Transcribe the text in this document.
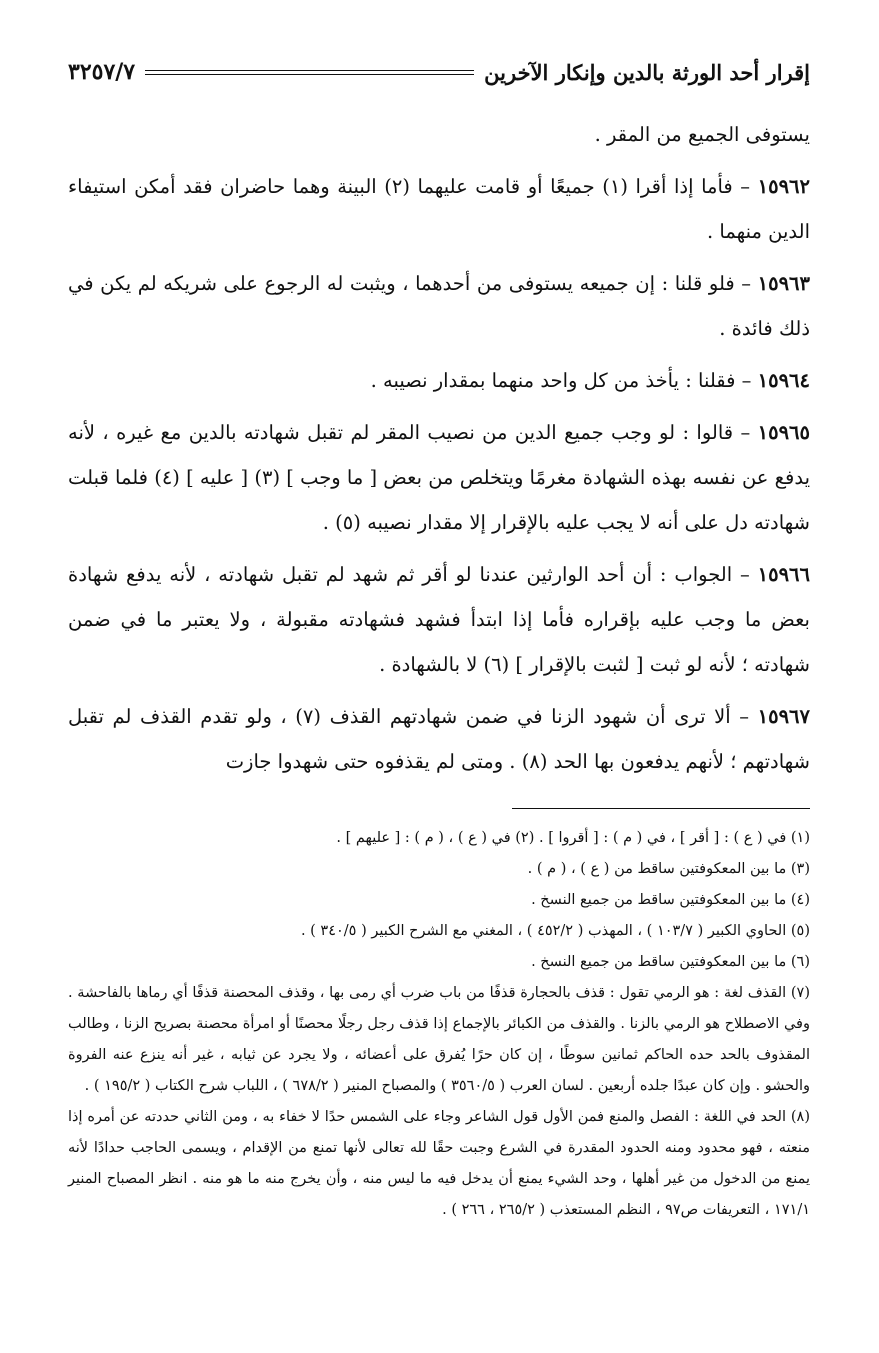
إقرار أحد الورثة بالدين وإنكار الآخرين
٣٢٥٧/٧

يستوفى الجميع من المقر .

١٥٩٦٢ – فأما إذا أقرا (١) جميعًا أو قامت عليهما (٢) البينة وهما حاضران فقد أمكن استيفاء الدين منهما .

١٥٩٦٣ – فلو قلنا : إن جميعه يستوفى من أحدهما ، ويثبت له الرجوع على شريكه لم يكن في ذلك فائدة .

١٥٩٦٤ – فقلنا : يأخذ من كل واحد منهما بمقدار نصيبه .

١٥٩٦٥ – قالوا : لو وجب جميع الدين من نصيب المقر لم تقبل شهادته بالدين مع غيره ، لأنه يدفع عن نفسه بهذه الشهادة مغرمًا ويتخلص من بعض [ ما وجب ] (٣) [ عليه ] (٤) فلما قبلت شهادته دل على أنه لا يجب عليه بالإقرار إلا مقدار نصيبه (٥) .

١٥٩٦٦ – الجواب : أن أحد الوارثين عندنا لو أقر ثم شهد لم تقبل شهادته ، لأنه يدفع شهادة بعض ما وجب عليه بإقراره فأما إذا ابتدأ فشهد فشهادته مقبولة ، ولا يعتبر ما في ضمن شهادته ؛ لأنه لو ثبت [ لثبت بالإقرار ] (٦) لا بالشهادة .

١٥٩٦٧ – ألا ترى أن شهود الزنا في ضمن شهادتهم القذف (٧) ، ولو تقدم القذف لم تقبل شهادتهم ؛ لأنهم يدفعون بها الحد (٨) . ومتى لم يقذفوه حتى شهدوا جازت

(١) في ( ع ) : [ أقر ] ، في ( م ) : [ أقروا ] . (٢) في ( ع ) ، ( م ) : [ عليهم ] .

(٣) ما بين المعكوفتين ساقط من ( ع ) ، ( م ) .

(٤) ما بين المعكوفتين ساقط من جميع النسخ .

(٥) الحاوي الكبير ( ١٠٣/٧ ) ، المهذب ( ٤٥٢/٢ ) ، المغني مع الشرح الكبير ( ٣٤٠/٥ ) .

(٦) ما بين المعكوفتين ساقط من جميع النسخ .

(٧) القذف لغة : هو الرمي تقول : قذف بالحجارة قذفًا من باب ضرب أي رمى بها ، وقذف المحصنة قذفًا أي رماها بالفاحشة . وفي الاصطلاح هو الرمي بالزنا . والقذف من الكبائر بالإجماع إذا قذف رجل رجلًا محصنًا أو امرأة محصنة بصريح الزنا ، وطالب المقذوف بالحد حده الحاكم ثمانين سوطًا ، إن كان حرًا يُفرق على أعضائه ، ولا يجرد عن ثيابه ، غير أنه ينزع عنه الفروة والحشو . وإن كان عبدًا جلده أربعين . لسان العرب ( ٣٥٦٠/٥ ) والمصباح المنير ( ٦٧٨/٢ ) ، اللباب شرح الكتاب ( ١٩٥/٢ ) .

(٨) الحد في اللغة : الفصل والمنع فمن الأول قول الشاعر وجاء على الشمس حدًا لا خفاء به ، ومن الثاني حددته عن أمره إذا منعته ، فهو محدود ومنه الحدود المقدرة في الشرع وجبت حقًا لله تعالى لأنها تمنع من الإقدام ، ويسمى الحاجب حدادًا لأنه يمنع من الدخول من غير أهلها ، وحد الشيء يمنع أن يدخل فيه ما ليس منه ، وأن يخرج منه ما هو منه . انظر المصباح المنير ١٧١/١ ، التعريفات ص٩٧ ، النظم المستعذب ( ٢٦٥/٢ ، ٢٦٦ ) .
